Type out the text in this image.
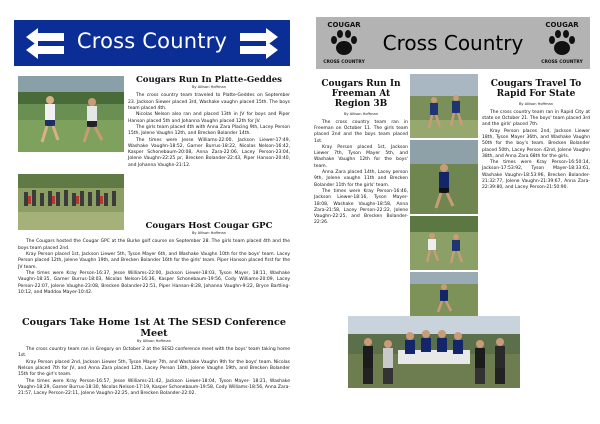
Cross Country
Cougars Run In Platte-Geddes
By Allison Hoffman

The cross country team traveled to Platte-Geddes on September 23. Jackson Siewer placed 3rd, Washake vaughn placed 15th. The boys team placed 4th.

Nicolas Nelson also ran and placed 13th in JV for boys and Piper Hanson placed 5th and Johanna Vaughn placed 12th for JV.

The girls team placed 4th with Anna Zara Placing 9th, Lacey Person 15th, Jolene Vaughn 12th, and Brecken Bolander 14th.

The times were Jesse Williams-22:00, Jackson Liewer-17:49, Washake Vaughn-18:52, Garner Burrus-18:22, Nicolas Nelson-16:42, Kasper Schonebaum-20:08, Anna Zara-22:06, Lacey Person-23:04, Jolene Vaughn-22:25 pr, Brecken Bolander-22:43, Piper Hanson-20:40, and Johanna Vaughn-21:12.

Cougars Host Cougar GPC
By Allison Hoffman

The Cougars hosted the Cougar GPC at the Burke golf course on September 28. The girls team placed 4th and the boys team placed 2nd.

Kray Person placed 1st, Jackson Liewer 5th, Tyson Mayer 6th, and Washake Vaughn 10th for the boys' team. Lacey Person placed 12th, Jolene Vaughn 19th, and Brecken Bolander 16th for the girls' team. Piper Hanson placed first for the JV team.

The times were Kray Person-16:37, Jesse Williams-22:00, Jackson Liewer-18:03, Tyson Mayer, 18:11, Washake Vaughn-18:35, Garner Burrus-18:03, Nicolas Nelson-16:36, Kasper Schonebaum-19:56, Cody Williams-20:09, Lacey Person-22:07, Jolene Vaughn-23:08, Brecken Bolander-22:51, Piper Hanson-8:28, Johanna Vaughn-9:22, Bryce Bartling-10:12, and Maddox Mayer-10:42.

Cougars Take Home 1st At The SESD Conference Meet
By Allison Hoffman

The cross country team ran in Gregory on October 2 at the SESD conference meet with the boys' team taking home 1st.

Kray Person placed 2nd, Jackson Liewer 5th, Tyson Mayer 7th, and Washake Vaughn 9th for the boys' team. Nicolas Nelson placed 7th for JV, and Anna Zara placed 12th, Lacey Person 18th, Jolene Vaughn 19th, and Brecken Bolander 15th for the girl's team.

The times were Kray Person-16:57, Jesse Williams-21:42, Jackson Liewer-18:04, Tyson Mayer- 18:21, Washake Vaughn-18:29, Garner Burrus-18:30, Nicolas Nelson-17:19, Kasper Schonebaum-19:58, Cody Williams-18:56, Anna Zara-21:57, Lacey Person-22:11, Jolene Vaughn-22:25, and Brecken Bolander-22:02.

COUGAR
CROSS COUNTRY
Cross Country
COUGAR
CROSS COUNTRY
Cougars Run In Freeman At Region 3B
By Allison Hoffman

The cross country team ran in Freeman on October 11. The girls team placed 2nd and the boys team placed 1st.

Kray Person placed 1st, Jackson Liewer 7th, Tyson Mayer 5th, and Washake Vaughn 12th for the boys' team.

Anna Zara placed 14th, Lacey person 9th, Jolene vaughn 11th and Brecken Bolander 11th for the girls' team.

The times were Kray Person-16:46, Jackson Liewer-18:16, Tyson Mayer-18:08, Washake Vaughn-18:58, Anna Zara-21:58, Lacey Person-22:22, Jolene Vaughn-22:25, and Brecken Bolander-22:26.

Cougars Travel To Rapid For State
By Allison Hoffman

The cross country team ran in Rapid City at state on October 21. The boys' team placed 3rd and the girls' placed 7th.

Kray Person places 2nd, Jackson Liewer 18th, Tyson Mayer 36th, and Washake Vaughn 50th for the boy's team. Brecken Bolander placed 50th, Lacey Person 42nd, Jolene Vaughn 38th, and Anna Zara 68th for the girls.

The times were Kray Person-16:50:14, Jackson-17:53:92, Tyson Mayer-18:33:61, Washake Vaughn-18:53:96, Brecken Bolander-21:32:77, Jolene Vaughn-21:39:67, Anna Zara-22:39:80, and Lacey Person-21:50:90.
